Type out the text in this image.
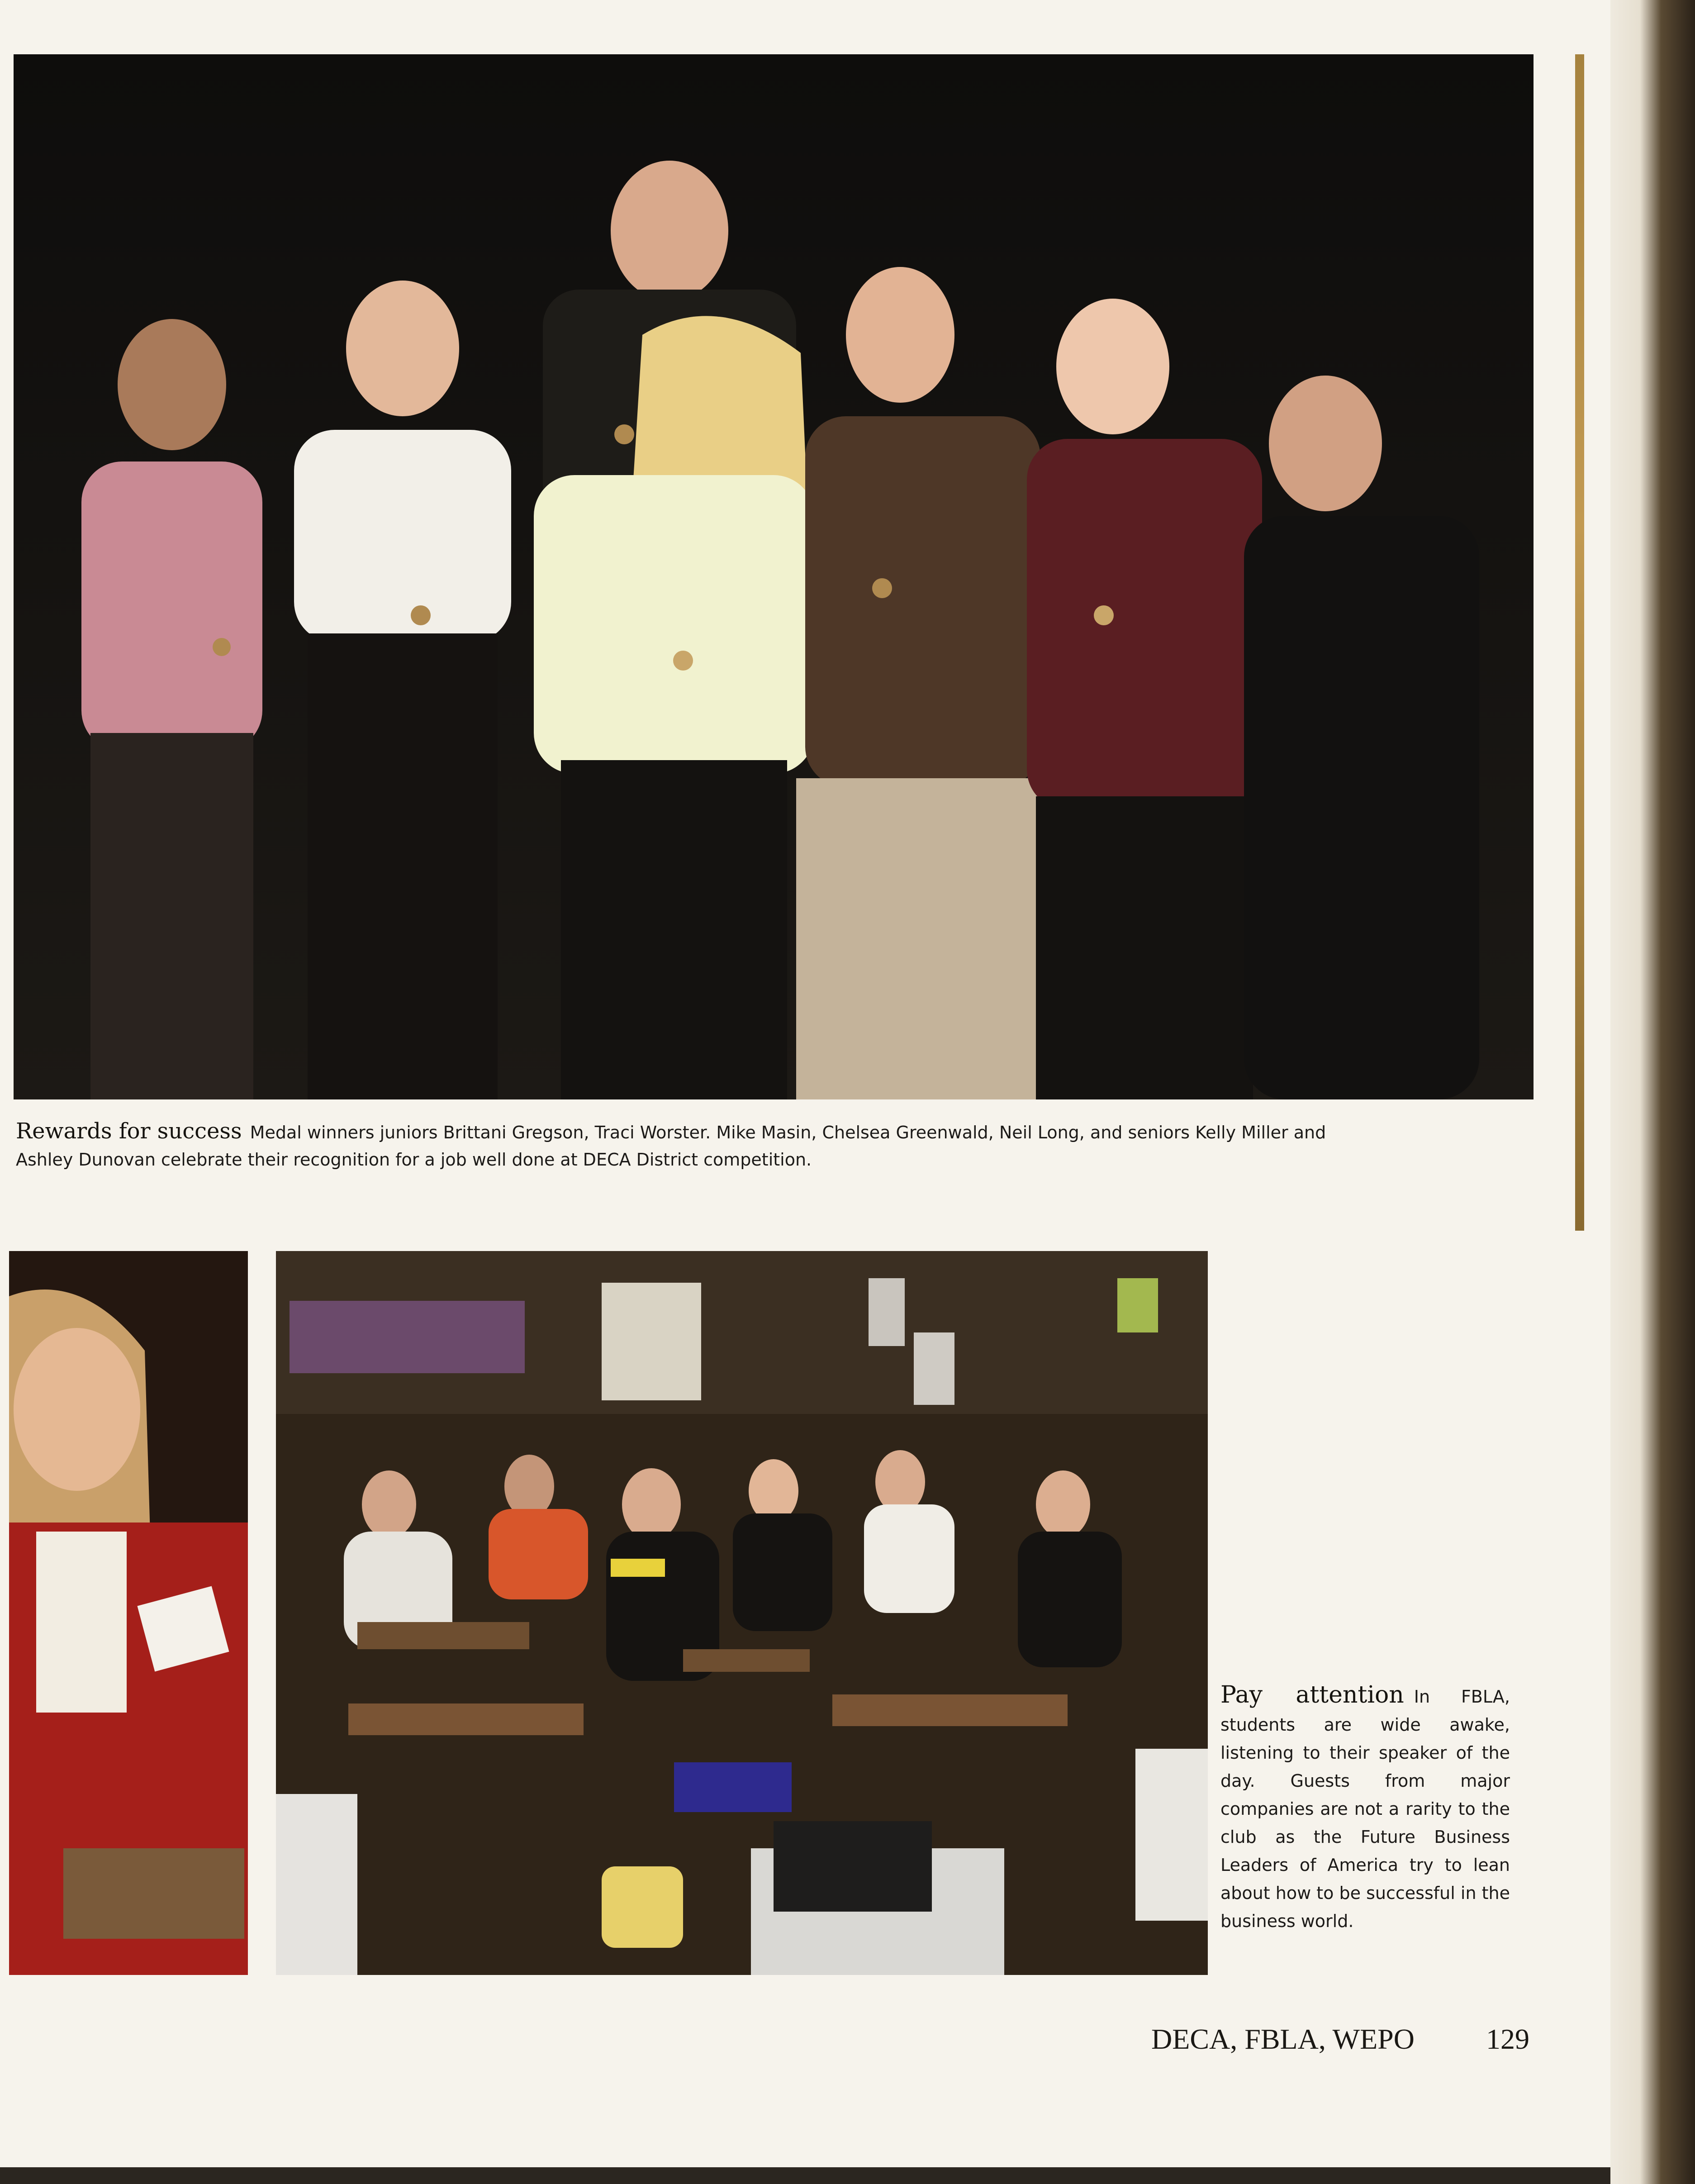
Rewards for success Medal winners juniors Brittani Gregson, Traci Worster. Mike Masin, Chelsea Greenwald, Neil Long, and seniors Kelly Miller and Ashley Dunovan celebrate their recognition for a job well done at DECA District competition.
Pay attention In FBLA, students are wide awake, listening to their speaker of the day. Guests from major companies are not a rarity to the club as the Future Business Leaders of America try to lean about how to be successful in the business world.
DECA, FBLA, WEPO 129
